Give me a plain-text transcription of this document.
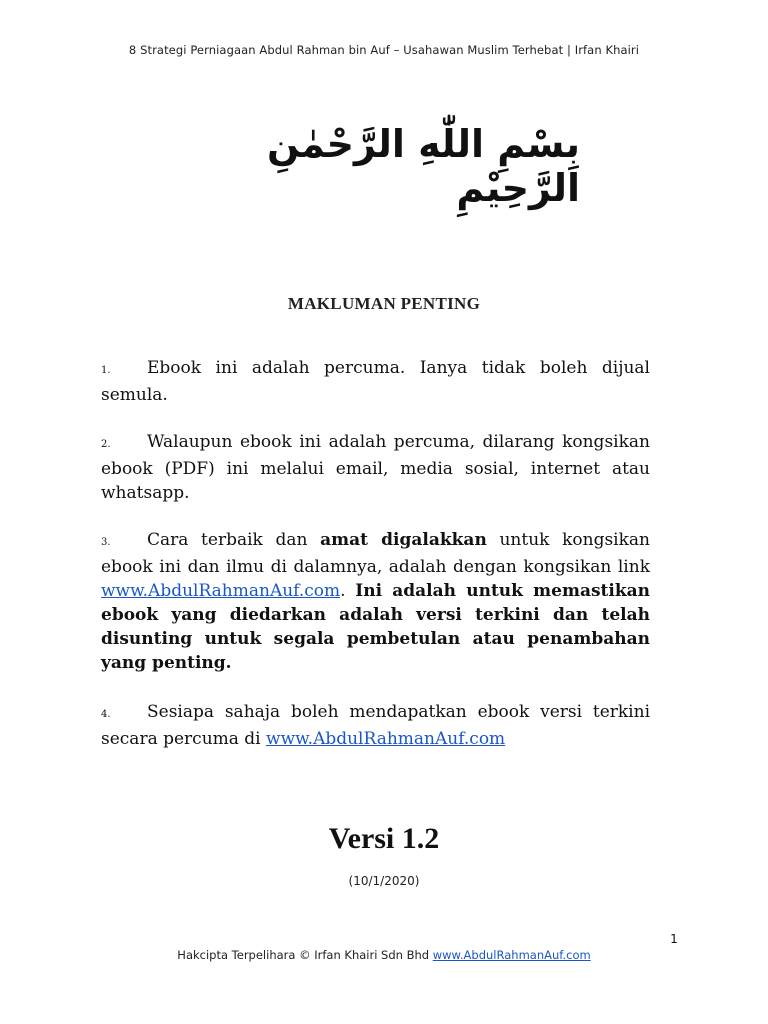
8 Strategi Perniagaan Abdul Rahman bin Auf – Usahawan Muslim Terhebat | Irfan Khairi
بِسْمِ اللّٰهِ الرَّحْمٰنِ الرَّحِيْمِ
MAKLUMAN PENTING
1. Ebook ini adalah percuma. Ianya tidak boleh dijual semula.
2. Walaupun ebook ini adalah percuma, dilarang kongsikan ebook (PDF) ini melalui email, media sosial, internet atau whatsapp.
3. Cara terbaik dan amat digalakkan untuk kongsikan ebook ini dan ilmu di dalamnya, adalah dengan kongsikan link www.AbdulRahmanAuf.com. Ini adalah untuk memastikan ebook yang diedarkan adalah versi terkini dan telah disunting untuk segala pembetulan atau penambahan yang penting.
4. Sesiapa sahaja boleh mendapatkan ebook versi terkini secara percuma di www.AbdulRahmanAuf.com
Versi 1.2
(10/1/2020)
1
Hakcipta Terpelihara © Irfan Khairi Sdn Bhd www.AbdulRahmanAuf.com
